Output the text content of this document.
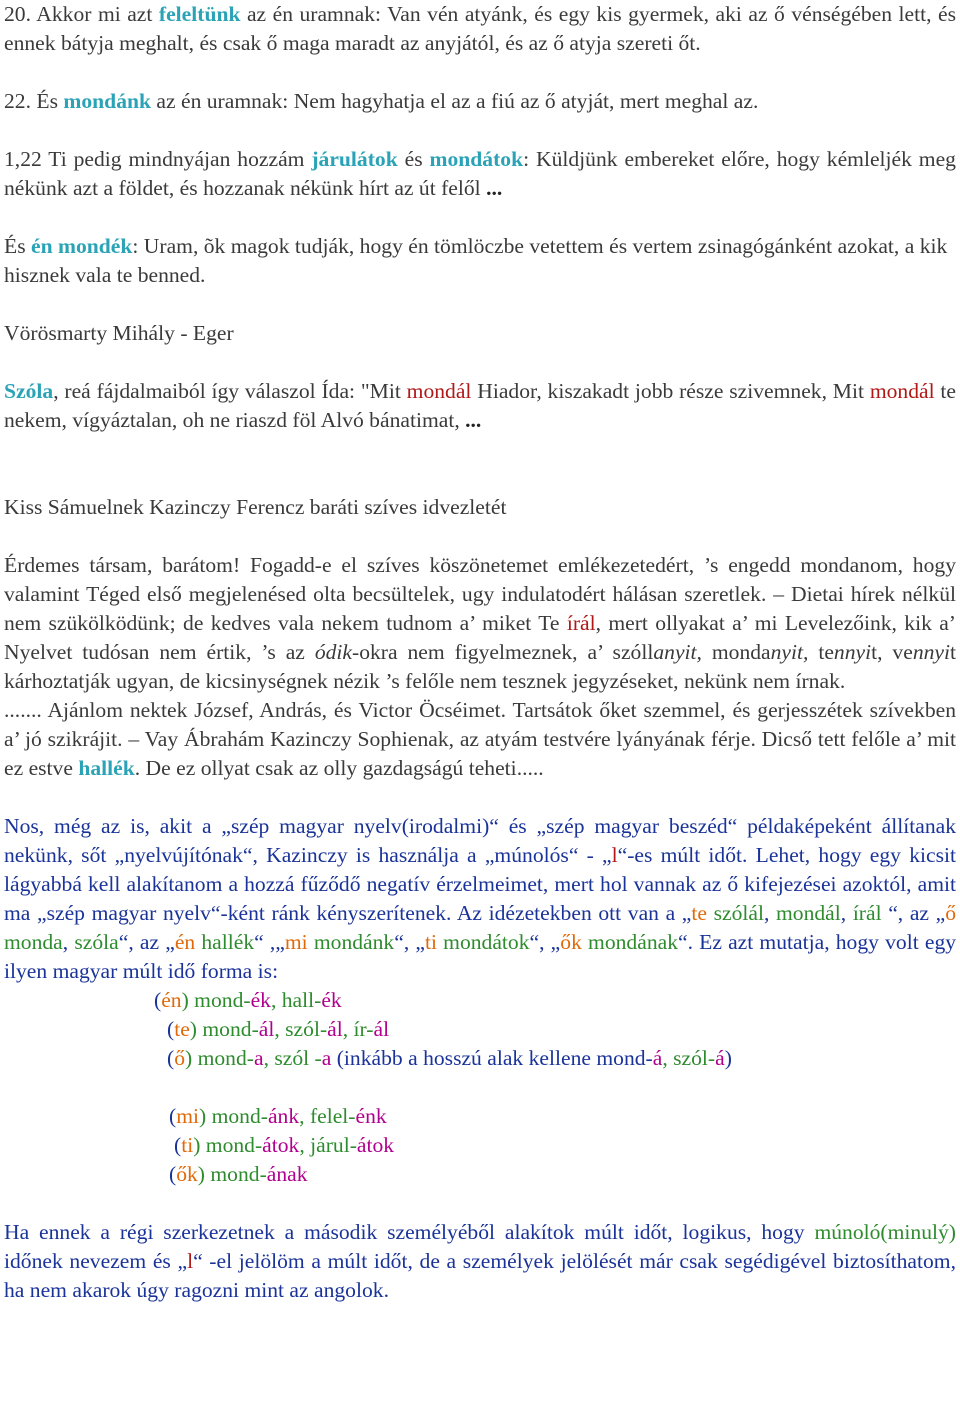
20. Akkor mi azt feleltünk az én uramnak: Van vén atyánk, és egy kis gyermek, aki az ő vénségében lett, és ennek bátyja meghalt, és csak ő maga maradt az anyjától, és az ő atyja szereti őt.

22. És mondánk az én uramnak: Nem hagyhatja el az a fiú az ő atyját, mert meghal az.

1,22 Ti pedig mindnyájan hozzám járulátok és mondátok: Küldjünk embereket előre, hogy kémleljék meg nékünk azt a földet, és hozzanak nékünk hírt az út felől ...

És én mondék: Uram, õk magok tudják, hogy én tömlöczbe vetettem és vertem zsinagógánként azokat, a kik hisznek vala te benned.

Vörösmarty Mihály - Eger

Szóla, reá fájdalmaiból így válaszol Ída: "Mit mondál Hiador, kiszakadt jobb része szivemnek, Mit mondál te nekem, vígyáztalan, oh ne riaszd föl Alvó bánatimat, ...

Kiss Sámuelnek Kazinczy Ferencz baráti szíves idvezletét

Érdemes társam, barátom! Fogadd-e el szíves köszönetemet emlékezetedért, ’s engedd mondanom, hogy valamint Téged első megjelenésed olta becsültelek, ugy indulatodért hálásan szeretlek. – Dietai hírek nélkül nem szükölködünk; de kedves vala nekem tudnom a’ miket Te írál, mert ollyakat a’ mi Levelezőink, kik a’ Nyelvet tudósan nem értik, ’s az ódik-okra nem figyelmeznek, a’ szóllanyit, mondanyit, tennyit, vennyit kárhoztatják ugyan, de kicsinységnek nézik ’s felőle nem tesznek jegyzéseket, nekünk nem írnak.
....... Ajánlom nektek József, András, és Victor Öcséimet. Tartsátok őket szemmel, és gerjesszétek szívekben a’ jó szikrájit. – Vay Ábrahám Kazinczy Sophienak, az atyám testvére lyányának férje. Dicső tett felőle a’ mit ez estve hallék. De ez ollyat csak az olly gazdagságú teheti.....

Nos, még az is, akit a „szép magyar nyelv(irodalmi)“ és „szép magyar beszéd“ példaképeként állítanak nekünk, sőt „nyelvújítónak“, Kazinczy is használja a „múnolós“ - „l“-es múlt időt. Lehet, hogy egy kicsit lágyabbá kell alakítanom a hozzá fűződő negatív érzelmeimet, mert hol vannak az ő kifejezései azoktól, amit ma „szép magyar nyelv“-ként ránk kényszerítenek. Az idézetekben ott van a „te szólál, mondál, írál “, az „ő monda, szóla“, az „én hallék“ ,„mi mondánk“, „ti mondátok“, „ők mondának“. Ez azt mutatja, hogy volt egy ilyen magyar múlt idő forma is:

(én) mond-ék, hall-ék

(te) mond-ál, szól-ál, ír-ál

(ő) mond-a, szól -a (inkább a hosszú alak kellene mond-á, szól-á)

(mi) mond-ánk, felel-énk

(ti) mond-átok, járul-átok

(ők) mond-ának

Ha ennek a régi szerkezetnek a második személyéből alakítok múlt időt, logikus, hogy múnoló(minulý) időnek nevezem és „l“ -el jelölöm a múlt időt, de a személyek jelölését már csak segédigével biztosíthatom, ha nem akarok úgy ragozni mint az angolok.
